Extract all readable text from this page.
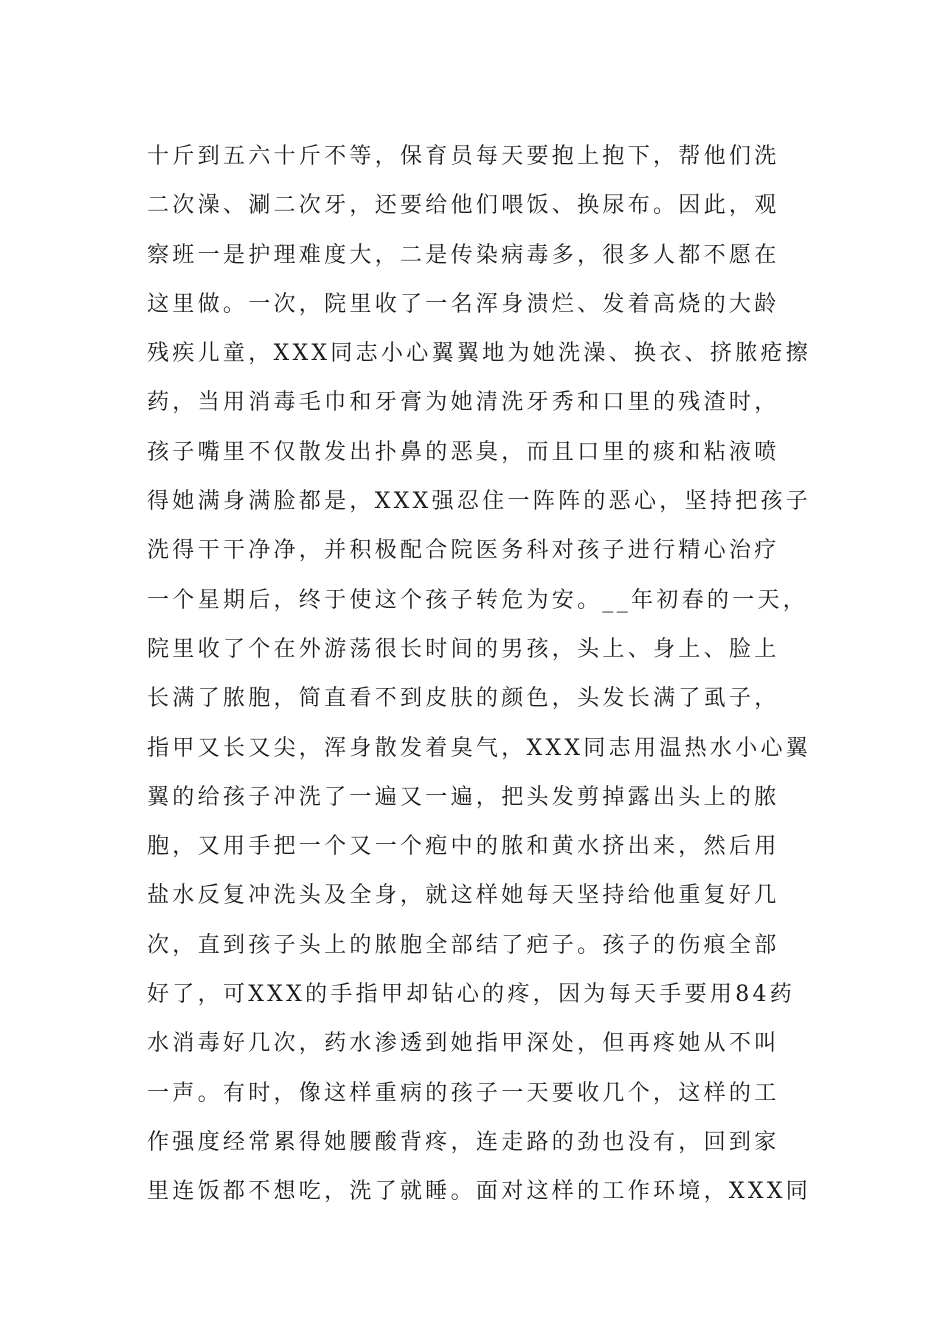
十斤到五六十斤不等，保育员每天要抱上抱下，帮他们洗
二次澡、涮二次牙，还要给他们喂饭、换尿布。因此，观
察班一是护理难度大，二是传染病毒多，很多人都不愿在
这里做。一次，院里收了一名浑身溃烂、发着高烧的大龄
残疾儿童，XXX同志小心翼翼地为她洗澡、换衣、挤脓疮擦
药，当用消毒毛巾和牙膏为她清洗牙秀和口里的残渣时，
孩子嘴里不仅散发出扑鼻的恶臭，而且口里的痰和粘液喷
得她满身满脸都是，XXX强忍住一阵阵的恶心，坚持把孩子
洗得干干净净，并积极配合院医务科对孩子进行精心治疗
一个星期后，终于使这个孩子转危为安。__年初春的一天，
院里收了个在外游荡很长时间的男孩，头上、身上、脸上
长满了脓胞，简直看不到皮肤的颜色，头发长满了虱子，
指甲又长又尖，浑身散发着臭气，XXX同志用温热水小心翼
翼的给孩子冲洗了一遍又一遍，把头发剪掉露出头上的脓
胞，又用手把一个又一个疱中的脓和黄水挤出来，然后用
盐水反复冲洗头及全身，就这样她每天坚持给他重复好几
次，直到孩子头上的脓胞全部结了疤子。孩子的伤痕全部
好了，可XXX的手指甲却钻心的疼，因为每天手要用84药
水消毒好几次，药水渗透到她指甲深处，但再疼她从不叫
一声。有时，像这样重病的孩子一天要收几个，这样的工
作强度经常累得她腰酸背疼，连走路的劲也没有，回到家
里连饭都不想吃，洗了就睡。面对这样的工作环境，XXX同
